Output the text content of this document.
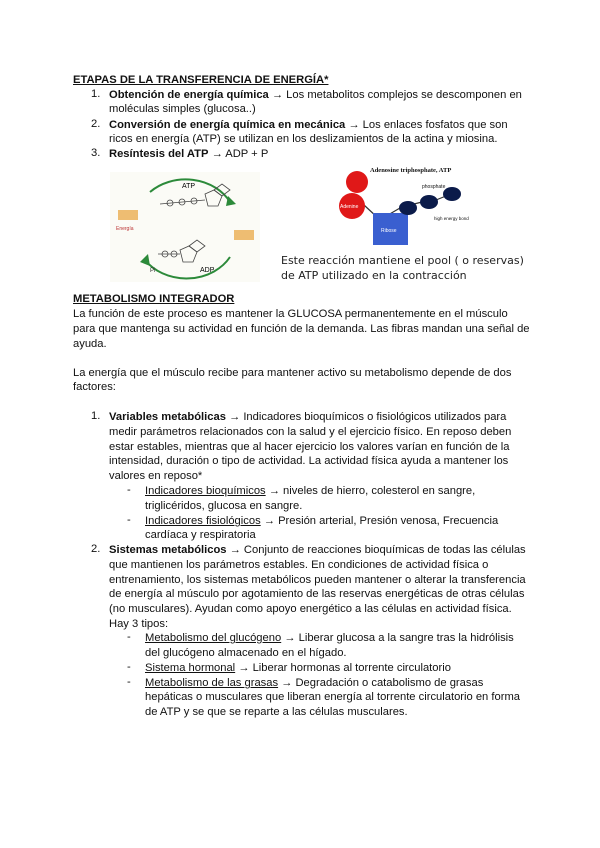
ETAPAS DE LA TRANSFERENCIA DE ENERGÍA*
1. Obtención de energía química → Los metabolitos complejos se descomponen en
moléculas simples (glucosa..)
2. Conversión de energía química en mecánica → Los enlaces fosfatos que son
ricos en energía (ATP) se utilizan en los deslizamientos de la actina y miosina.
3. Resíntesis del ATP → ADP + P
ATP
ADP
Pi
Energía
Adenosine triphosphate, ATP
Adenine
Ribose
phosphate
high energy bond
Este reacción mantiene el pool ( o reservas)
de ATP utilizado en la contracción
METABOLISMO INTEGRADOR
La función de este proceso es mantener la GLUCOSA permanentemente en el músculo
para que mantenga su actividad en función de la demanda. Las fibras mandan una señal de
ayuda.
La energía que el músculo recibe para mantener activo su metabolismo depende de dos
factores:
1. Variables metabólicas → Indicadores bioquímicos o fisiológicos utilizados para
medir parámetros relacionados con la salud y el ejercicio físico. En reposo deben
estar estables, mientras que al hacer ejercicio los valores varían en función de la
intensidad, duración o tipo de actividad. La actividad física ayuda a mantener los
valores en reposo*
- Indicadores bioquímicos → niveles de hierro, colesterol en sangre,
triglicéridos, glucosa en sangre.
- Indicadores fisiológicos → Presión arterial, Presión venosa, Frecuencia
cardíaca y respiratoria
2. Sistemas metabólicos → Conjunto de reacciones bioquímicas de todas las células
que mantienen los parámetros estables. En condiciones de actividad física o
entrenamiento, los sistemas metabólicos pueden mantener o alterar la transferencia
de energía al músculo por agotamiento de las reservas energéticas de otras células
(no musculares). Ayudan como apoyo energético a las células en actividad física.
Hay 3 tipos:
- Metabolismo del glucógeno → Liberar glucosa a la sangre tras la hidrólisis
del glucógeno almacenado en el hígado.
- Sistema hormonal → Liberar hormonas al torrente circulatorio
- Metabolismo de las grasas → Degradación o catabolismo de grasas
hepáticas o musculares que liberan energía al torrente circulatorio en forma
de ATP y se que se reparte a las células musculares.
